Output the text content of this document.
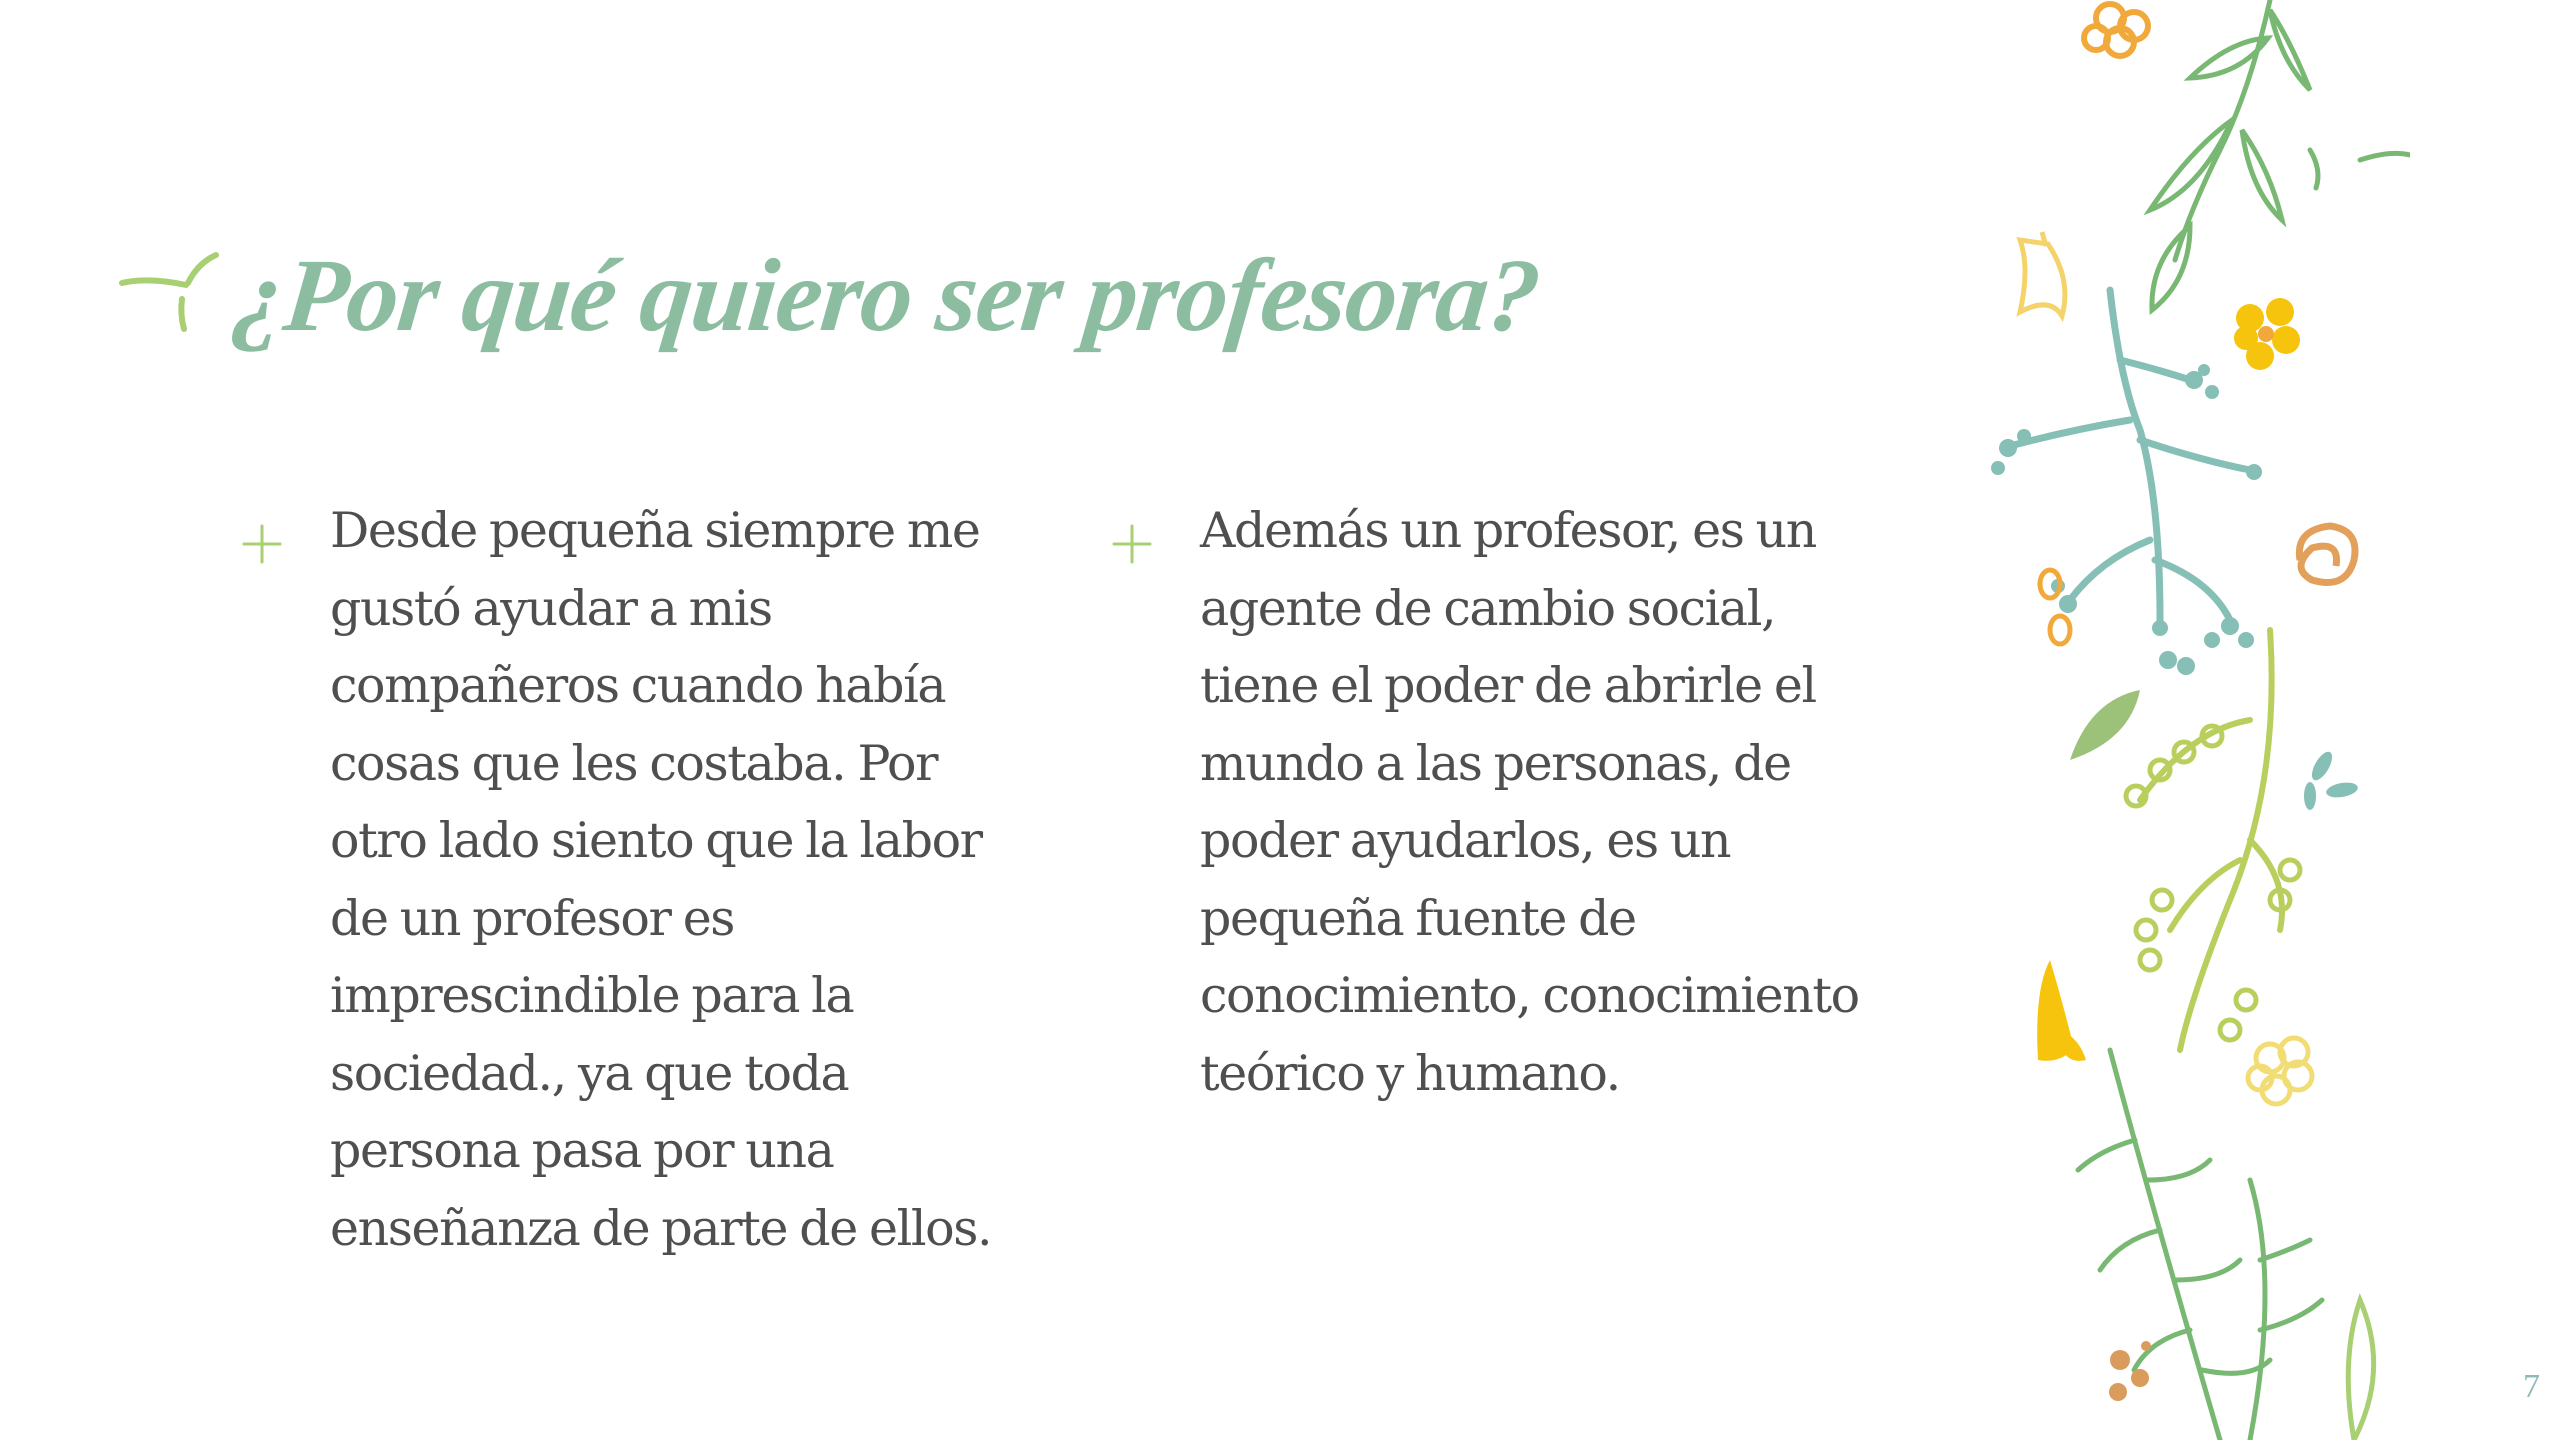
¿Por qué quiero ser profesora?

Desde pequeña siempre me gustó ayudar a mis compañeros cuando había cosas que les costaba. Por otro lado siento que la labor de un profesor es imprescindible para la sociedad., ya que toda persona pasa por una enseñanza de parte de ellos.

Además un profesor, es un agente de cambio social, tiene el poder de abrirle el mundo a las personas, de poder ayudarlos, es un pequeña fuente de conocimiento, conocimiento teórico y humano.

7
